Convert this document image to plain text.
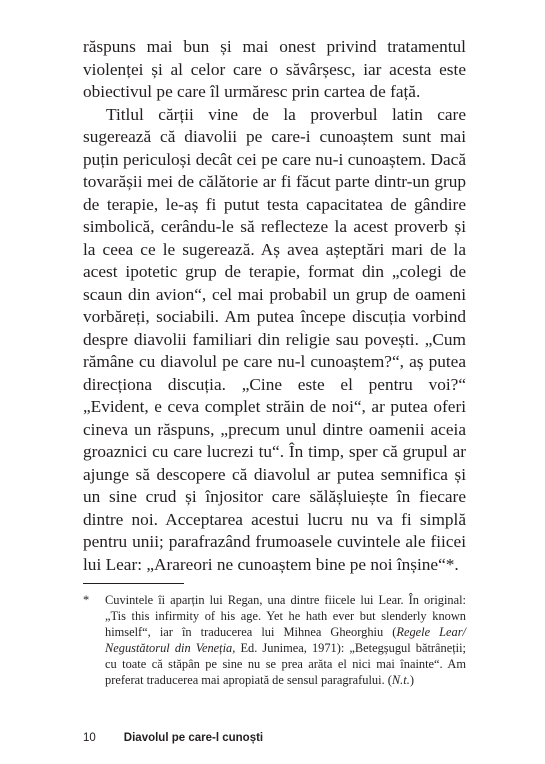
răspuns mai bun și mai onest privind tratamentul violenței și al celor care o săvârșesc, iar acesta este obiectivul pe care îl urmăresc prin cartea de față.

Titlul cărții vine de la proverbul latin care sugerează că diavolii pe care-i cunoaștem sunt mai puțin periculoși decât cei pe care nu-i cunoaștem. Dacă tovarășii mei de călătorie ar fi făcut parte dintr-un grup de terapie, le-aș fi putut testa capacitatea de gândire simbolică, cerându-le să reflecteze la acest proverb și la ceea ce le sugerează. Aș avea așteptări mari de la acest ipotetic grup de terapie, format din „colegi de scaun din avion“, cel mai probabil un grup de oameni vorbăreți, sociabili. Am putea începe discuția vorbind despre diavolii familiari din religie sau povești. „Cum rămâne cu diavolul pe care nu-l cunoaștem?“, aș putea direcționa discuția. „Cine este el pentru voi?“ „Evident, e ceva complet străin de noi“, ar putea oferi cineva un răspuns, „precum unul dintre oamenii aceia groaznici cu care lucrezi tu“. În timp, sper că grupul ar ajunge să descopere că diavolul ar putea semnifica și un sine crud și înjositor care sălășluiește în fiecare dintre noi. Acceptarea acestui lucru nu va fi simplă pentru unii; parafrazând frumoasele cuvintele ale fiicei lui Lear: „Arareori ne cunoaștem bine pe noi înșine“*.

*	Cuvintele îi aparțin lui Regan, una dintre fiicele lui Lear. În original: „Tis this infirmity of his age. Yet he hath ever but slenderly known himself“, iar în traducerea lui Mihnea Gheorghiu (Regele Lear/ Negustătorul din Veneția, Ed. Junimea, 1971): „Betegșugul bătrâneții; cu toate că stăpân pe sine nu se prea arăta el nici mai înainte“. Am preferat traducerea mai apropiată de sensul paragrafului. (N.t.)
10 Diavolul pe care-l cunoști
